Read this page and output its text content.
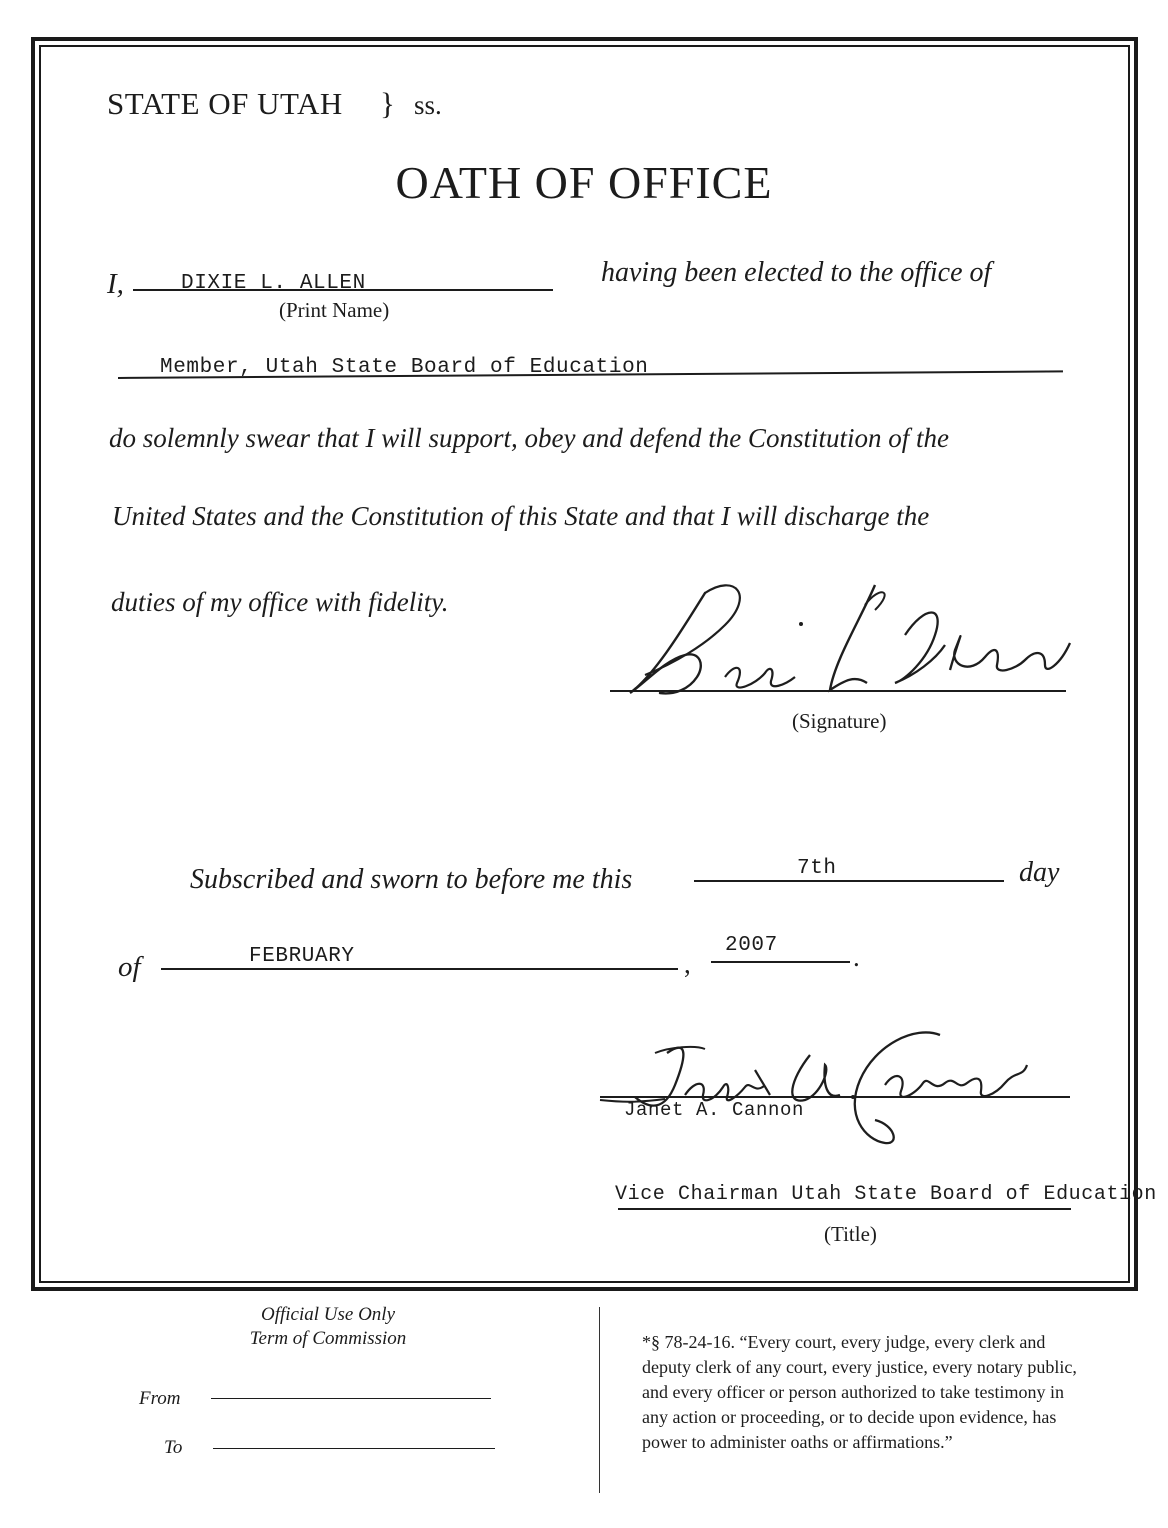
STATE OF UTAH } ss.
OATH OF OFFICE
I,	DIXIE L. ALLEN
(Print Name)
having been elected to the office of
Member, Utah State Board of Education
do solemnly swear that I will support, obey and defend the Constitution of the
United States and the Constitution of this State and that I will discharge the
duties of my office with fidelity.
(Signature)
Subscribed and sworn to before me this	7th	day
of	FEBRUARY	,
2007	.
Janet A. Cannon
Vice Chairman Utah State Board of Education
(Title)
Official Use Only
Term of Commission
From
To
*§ 78-24-16. “Every court, every judge, every clerk and
deputy clerk of any court, every justice, every notary public,
and every officer or person authorized to take testimony in
any action or proceeding, or to decide upon evidence, has
power to administer oaths or affirmations.”
